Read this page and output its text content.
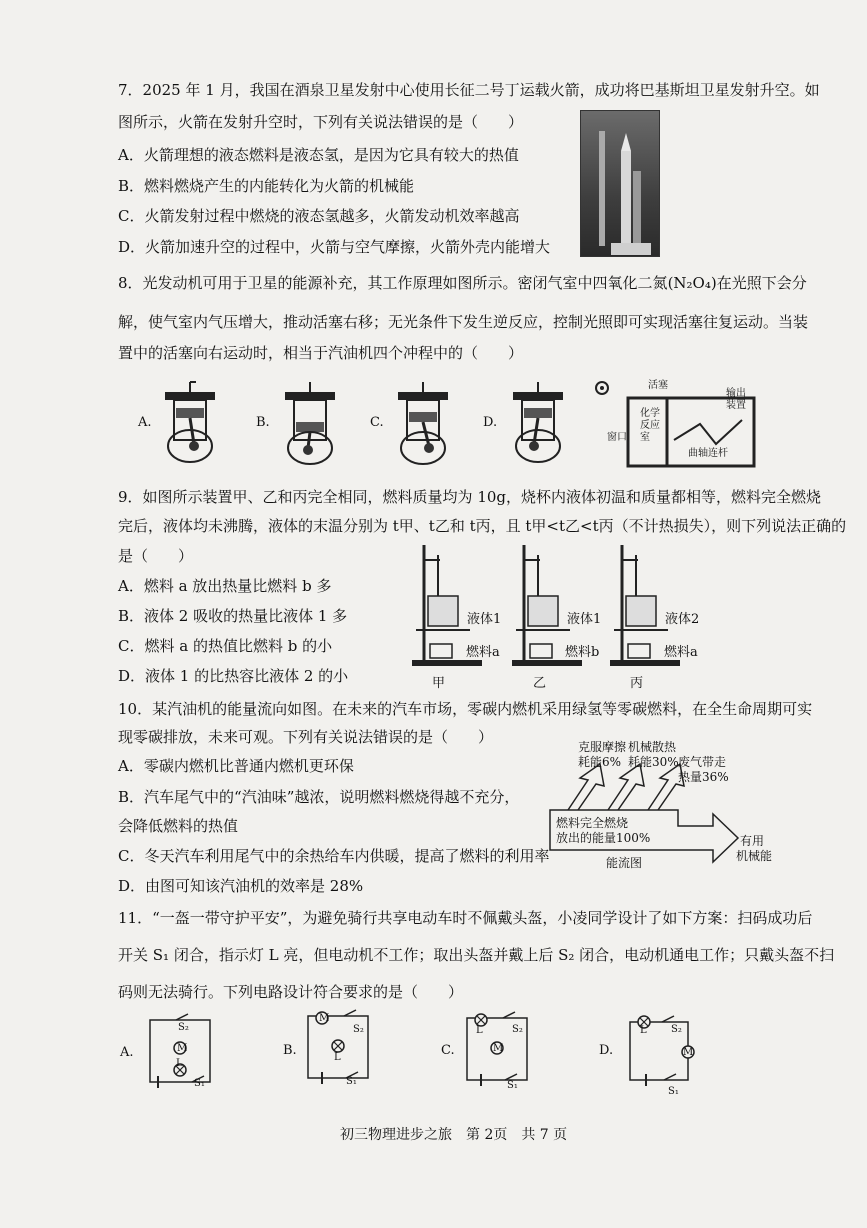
7．2025 年 1 月，我国在酒泉卫星发射中心使用长征二号丁运载火箭，成功将巴基斯坦卫星发射升空。如
图所示，火箭在发射升空时，下列有关说法错误的是（　　）
A．火箭理想的液态燃料是液态氢，是因为它具有较大的热值
B．燃料燃烧产生的内能转化为火箭的机械能
C．火箭发射过程中燃烧的液态氢越多，火箭发动机效率越高
D．火箭加速升空的过程中，火箭与空气摩擦，火箭外壳内能增大
8．光发动机可用于卫星的能源补充，其工作原理如图所示。密闭气室中四氧化二氮(N₂O₄)在光照下会分
解，使气室内气压增大，推动活塞右移；无光条件下发生逆反应，控制光照即可实现活塞往复运动。当装
置中的活塞向右运动时，相当于汽油机四个冲程中的（　　）
A.	B.	C.	D.
活塞
化学反应室
窗口
曲轴连杆
输出装置
9．如图所示装置甲、乙和丙完全相同，燃料质量均为 10g，烧杯内液体初温和质量都相等，燃料完全燃烧
完后，液体均未沸腾，液体的末温分别为 t甲、t乙和 t丙，且 t甲<t乙<t丙（不计热损失），则下列说法正确的
是（　　）
A．燃料 a 放出热量比燃料 b 多
B．液体 2 吸收的热量比液体 1 多
C．燃料 a 的热值比燃料 b 的小
D．液体 1 的比热容比液体 2 的小
液体1
燃料a
甲
液体1
燃料b
乙
液体2
燃料a
丙
10．某汽油机的能量流向如图。在未来的汽车市场，零碳内燃机采用绿氢等零碳燃料，在全生命周期可实
现零碳排放，未来可观。下列有关说法错误的是（　　）
A．零碳内燃机比普通内燃机更环保
B．汽车尾气中的“汽油味”越浓，说明燃料燃烧得越不充分，
会降低燃料的热值
C．冬天汽车利用尾气中的余热给车内供暖，提高了燃料的利用率
D．由图可知该汽油机的效率是 28%
克服摩擦
耗能6%
机械散热
耗能30% 废气带走
热量36%
燃料完全燃烧
放出的能量100%	有用
机械能
能流图
11．“一盔一带守护平安”，为避免骑行共享电动车时不佩戴头盔，小凌同学设计了如下方案：扫码成功后
开关 S₁ 闭合，指示灯 L 亮，但电动机不工作；取出头盔并戴上后 S₂ 闭合，电动机通电工作；只戴头盔不扫
码则无法骑行。下列电路设计符合要求的是（　　）
A.	B.	C.	D.
S₂
M
L
S₁
M
S₂
L
S₁
L	S₂
M
S₁
L S₂
M
S₁
初三物理进步之旅　第 2页　共 7 页
